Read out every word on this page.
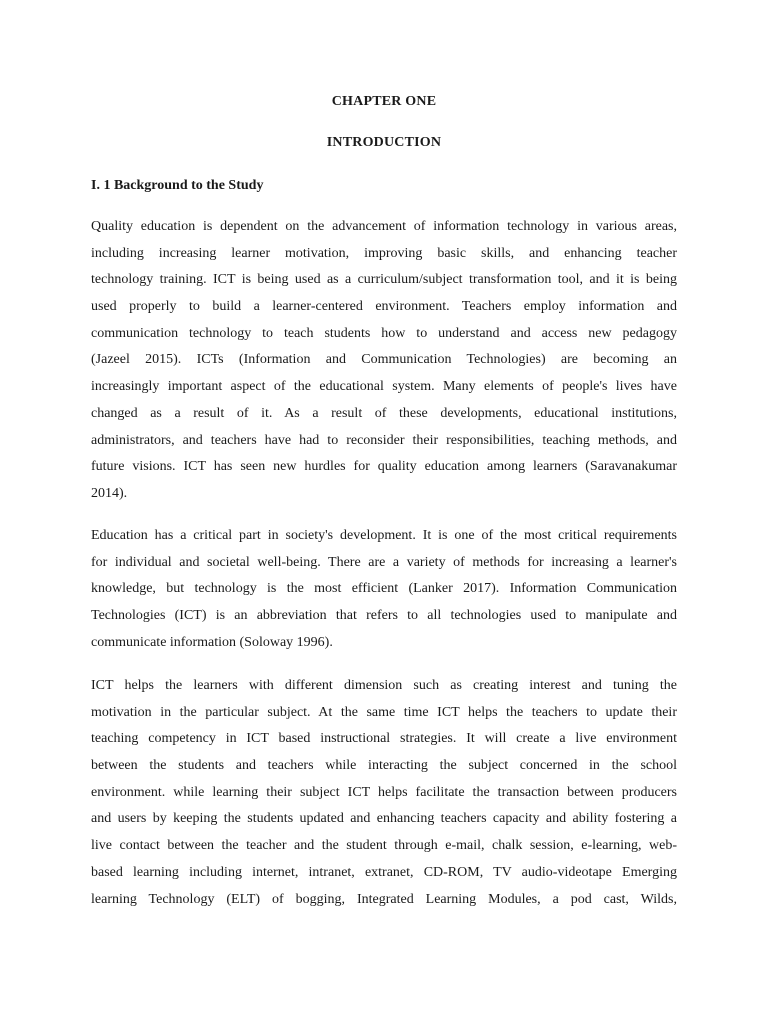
CHAPTER ONE
INTRODUCTION
I. 1 Background to the Study
Quality education is dependent on the advancement of information technology in various areas,
including increasing learner motivation, improving basic skills, and enhancing teacher
technology training. ICT is being used as a curriculum/subject transformation tool, and it is being
used properly to build a learner-centered environment. Teachers employ information and
communication technology to teach students how to understand and access new pedagogy
(Jazeel 2015). ICTs (Information and Communication Technologies) are becoming an
increasingly important aspect of the educational system. Many elements of people's lives have
changed as a result of it. As a result of these developments, educational institutions,
administrators, and teachers have had to reconsider their responsibilities, teaching methods, and
future visions. ICT has seen new hurdles for quality education among learners (Saravanakumar
2014).
Education has a critical part in society's development. It is one of the most critical requirements
for individual and societal well-being. There are a variety of methods for increasing a learner's
knowledge, but technology is the most efficient (Lanker 2017). Information Communication
Technologies (ICT) is an abbreviation that refers to all technologies used to manipulate and
communicate information (Soloway 1996).
ICT helps the learners with different dimension such as creating interest and tuning the
motivation in the particular subject. At the same time ICT helps the teachers to update their
teaching competency in ICT based instructional strategies. It will create a live environment
between the students and teachers while interacting the subject concerned in the school
environment. while learning their subject ICT helps facilitate the transaction between producers
and users by keeping the students updated and enhancing teachers capacity and ability fostering a
live contact between the teacher and the student through e-mail, chalk session, e-learning, web-
based learning including internet, intranet, extranet, CD-ROM, TV audio-videotape Emerging
learning Technology (ELT) of bogging, Integrated Learning Modules, a pod cast, Wilds,
